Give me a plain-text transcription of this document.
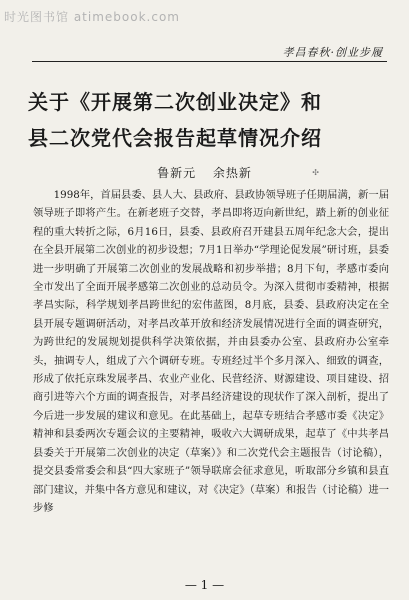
时光图书馆 atimebook.com
孝昌春秋·创业步履
关于《开展第二次创业决定》和
县二次党代会报告起草情况介绍
鲁新元 余热新	✣

1998年，首届县委、县人大、县政府、县政协领导班子任期届满，新一届领导班子即将产生。在新老班子交替，孝昌即将迈向新世纪，踏上新的创业征程的重大转折之际，6月16日，县委、县政府召开建县五周年纪念大会，提出在全县开展第二次创业的初步设想；7月1日举办“学理论促发展”研讨班，县委进一步明确了开展第二次创业的发展战略和初步举措；8月下旬，孝感市委向全市发出了全面开展孝感第二次创业的总动员令。为深入贯彻市委精神，根据孝昌实际，科学规划孝昌跨世纪的宏伟蓝图，8月底，县委、县政府决定在全县开展专题调研活动，对孝昌改革开放和经济发展情况进行全面的调查研究，为跨世纪的发展规划提供科学决策依据，并由县委办公室、县政府办公室牵头，抽调专人，组成了六个调研专班。专班经过半个多月深入、细致的调查，形成了依托京珠发展孝昌、农业产业化、民营经济、财源建设、项目建设、招商引进等六个方面的调查报告，对孝昌经济建设的现状作了深入剖析，提出了今后进一步发展的建议和意见。在此基础上，起草专班结合孝感市委《决定》精神和县委两次专题会议的主要精神，吸收六大调研成果，起草了《中共孝昌县委关于开展第二次创业的决定（草案）》和二次党代会主题报告（讨论稿），提交县委常委会和县“四大家班子”领导联席会征求意见，听取部分乡镇和县直部门建议，并集中各方意见和建议，对《决定》（草案）和报告（讨论稿）进一步修

— 1 —
